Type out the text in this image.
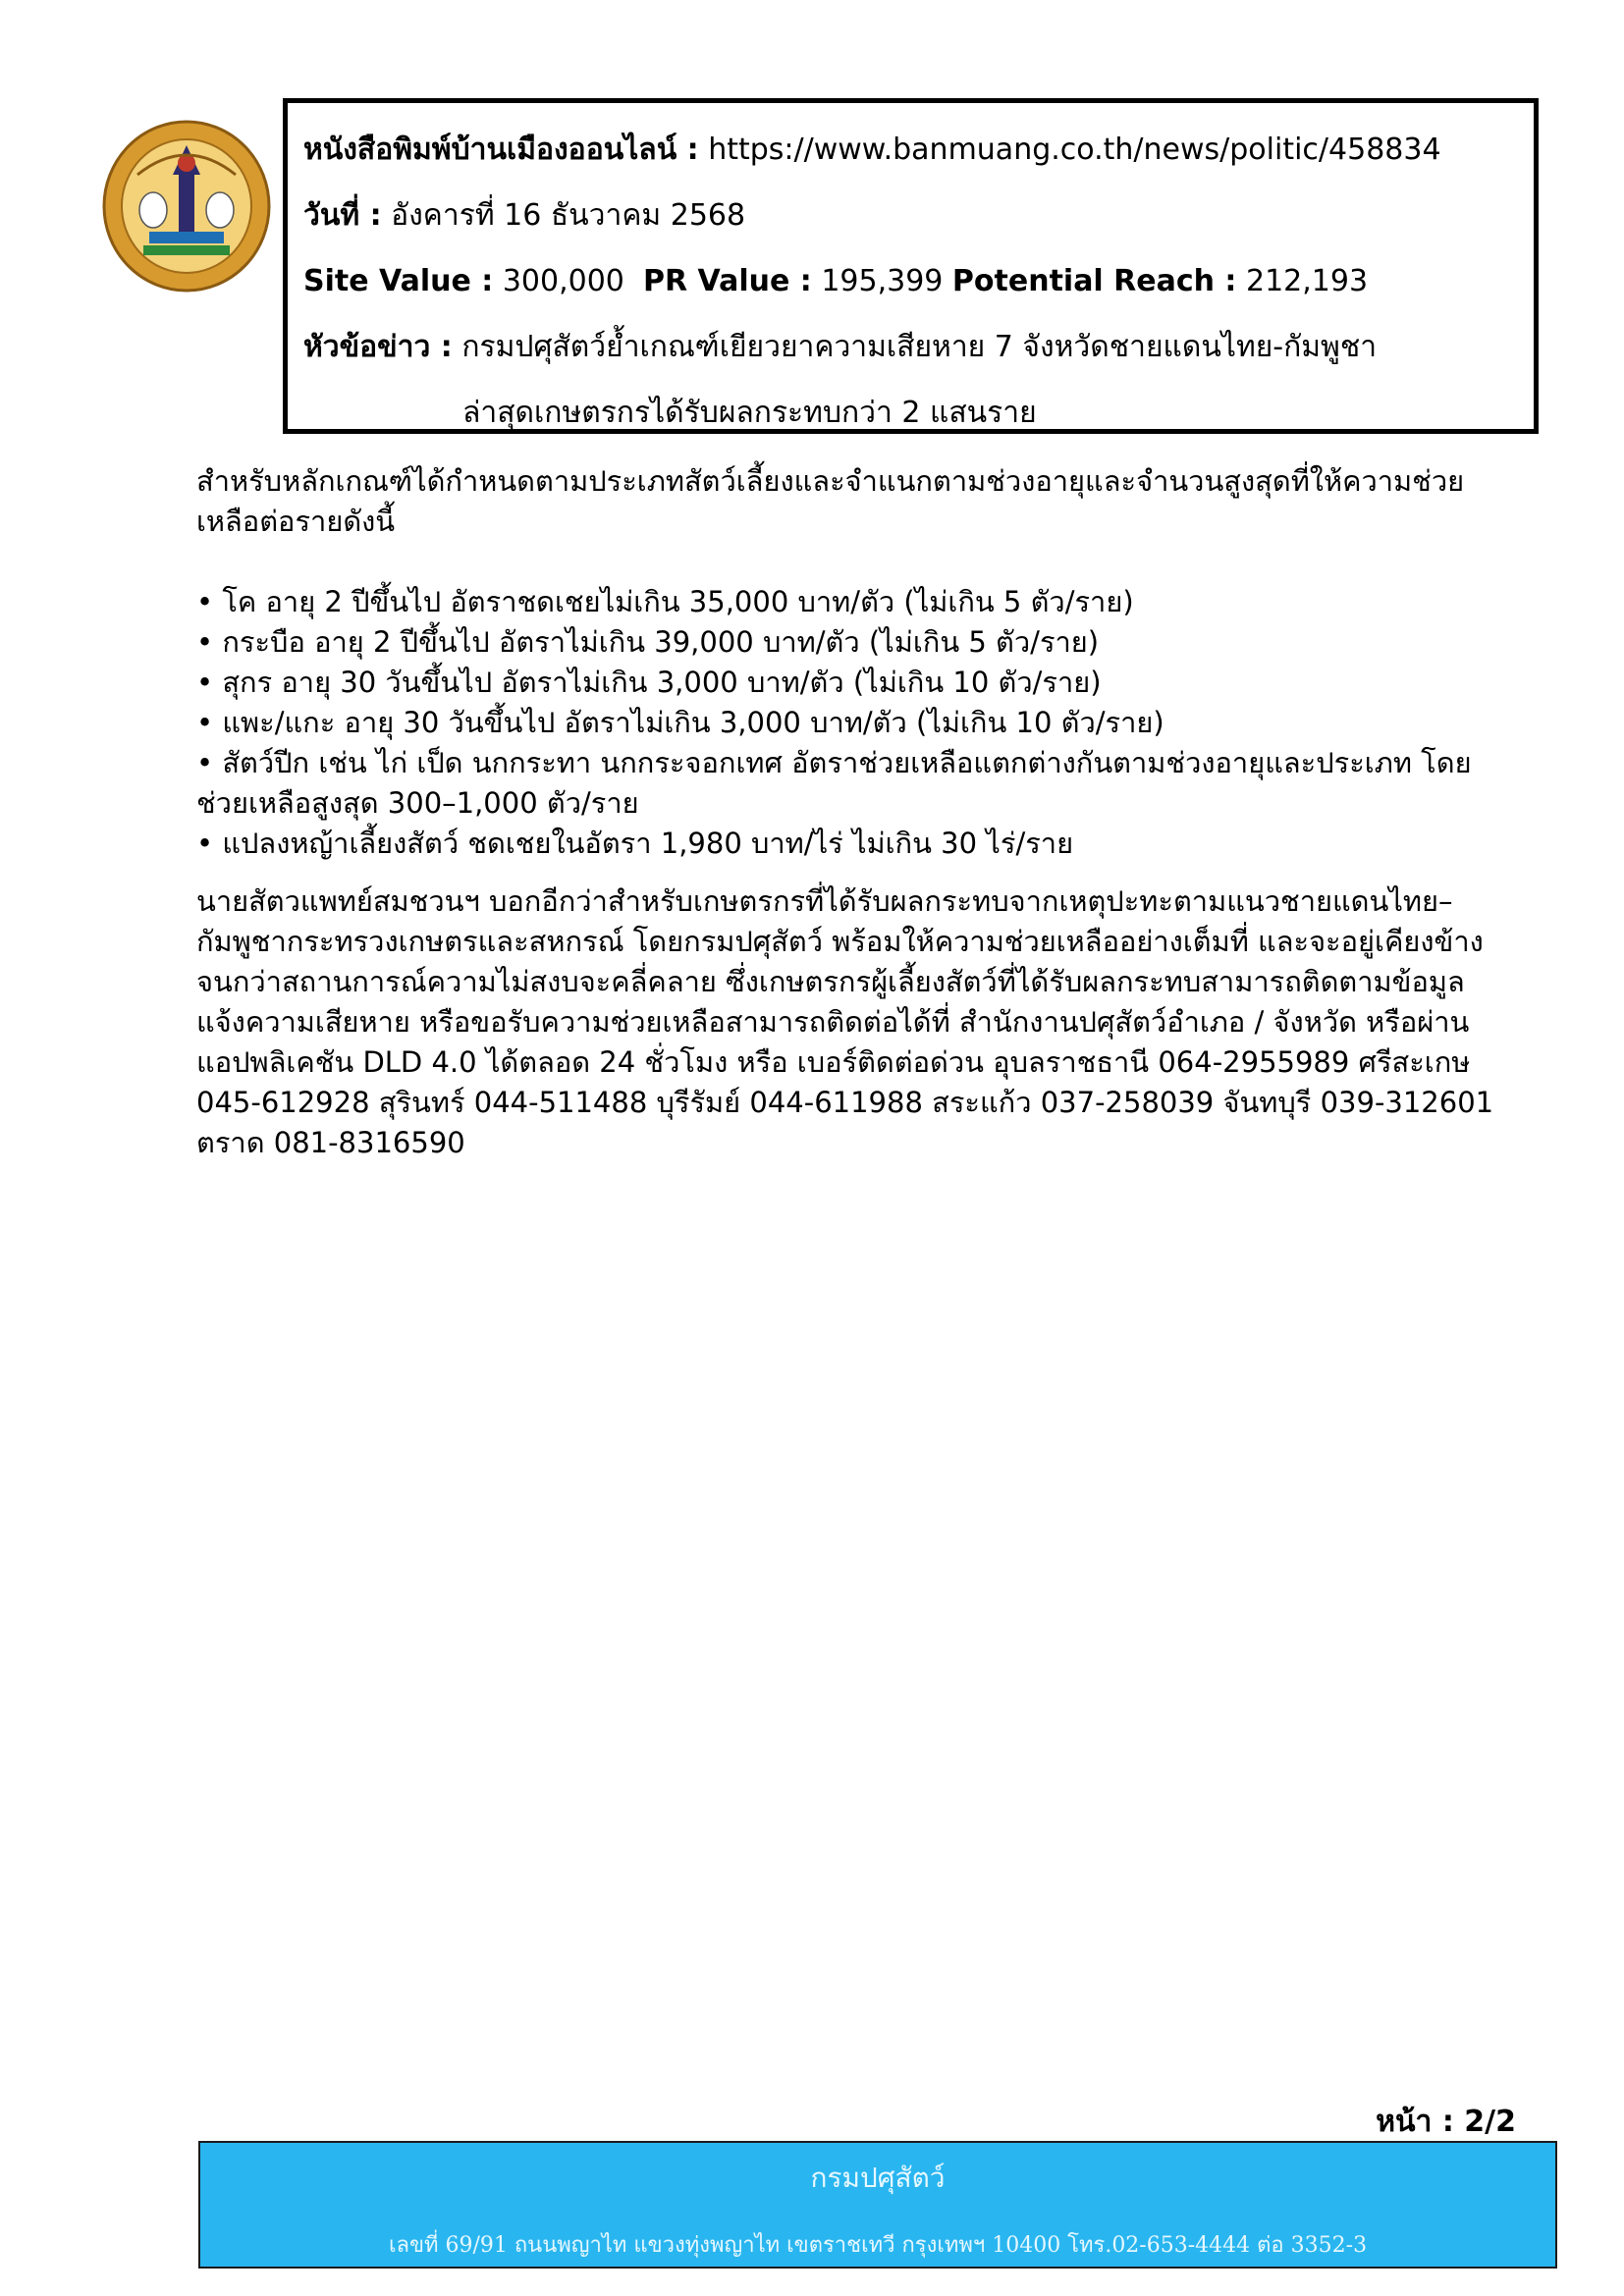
หนังสือพิมพ์บ้านเมืองออนไลน์ : https://www.banmuang.co.th/news/politic/458834
วันที่ : อังคารที่ 16 ธันวาคม 2568
Site Value : 300,000 PR Value : 195,399 Potential Reach : 212,193
หัวข้อข่าว : กรมปศุสัตว์ย้ำเกณฑ์เยียวยาความเสียหาย 7 จังหวัดชายแดนไทย-กัมพูชา
ล่าสุดเกษตรกรได้รับผลกระทบกว่า 2 แสนราย

สำหรับหลักเกณฑ์ได้กำหนดตามประเภทสัตว์เลี้ยงและจำแนกตามช่วงอายุและจำนวนสูงสุดที่ให้ความช่วยเหลือต่อรายดังนี้

• โค อายุ 2 ปีขึ้นไป อัตราชดเชยไม่เกิน 35,000 บาท/ตัว (ไม่เกิน 5 ตัว/ราย)
• กระบือ อายุ 2 ปีขึ้นไป อัตราไม่เกิน 39,000 บาท/ตัว (ไม่เกิน 5 ตัว/ราย)
• สุกร อายุ 30 วันขึ้นไป อัตราไม่เกิน 3,000 บาท/ตัว (ไม่เกิน 10 ตัว/ราย)
• แพะ/แกะ อายุ 30 วันขึ้นไป อัตราไม่เกิน 3,000 บาท/ตัว (ไม่เกิน 10 ตัว/ราย)
• สัตว์ปีก เช่น ไก่ เป็ด นกกระทา นกกระจอกเทศ อัตราช่วยเหลือแตกต่างกันตามช่วงอายุและประเภท โดยช่วยเหลือสูงสุด 300–1,000 ตัว/ราย
• แปลงหญ้าเลี้ยงสัตว์ ชดเชยในอัตรา 1,980 บาท/ไร่ ไม่เกิน 30 ไร่/ราย

นายสัตวแพทย์สมชวนฯ บอกอีกว่าสำหรับเกษตรกรที่ได้รับผลกระทบจากเหตุปะทะตามแนวชายแดนไทย–กัมพูชากระทรวงเกษตรและสหกรณ์ โดยกรมปศุสัตว์ พร้อมให้ความช่วยเหลืออย่างเต็มที่ และจะอยู่เคียงข้างจนกว่าสถานการณ์ความไม่สงบจะคลี่คลาย ซึ่งเกษตรกรผู้เลี้ยงสัตว์ที่ได้รับผลกระทบสามารถติดตามข้อมูล แจ้งความเสียหาย หรือขอรับความช่วยเหลือสามารถติดต่อได้ที่ สำนักงานปศุสัตว์อำเภอ / จังหวัด หรือผ่าน แอปพลิเคชัน DLD 4.0 ได้ตลอด 24 ชั่วโมง หรือ เบอร์ติดต่อด่วน อุบลราชธานี 064-2955989 ศรีสะเกษ 045-612928 สุรินทร์ 044-511488 บุรีรัมย์ 044-611988 สระแก้ว 037-258039 จันทบุรี 039-312601 ตราด 081-8316590

หน้า : 2/2
กรมปศุสัตว์
เลขที่ 69/91 ถนนพญาไท แขวงทุ่งพญาไท เขตราชเทวี กรุงเทพฯ 10400 โทร.02-653-4444 ต่อ 3352-3
